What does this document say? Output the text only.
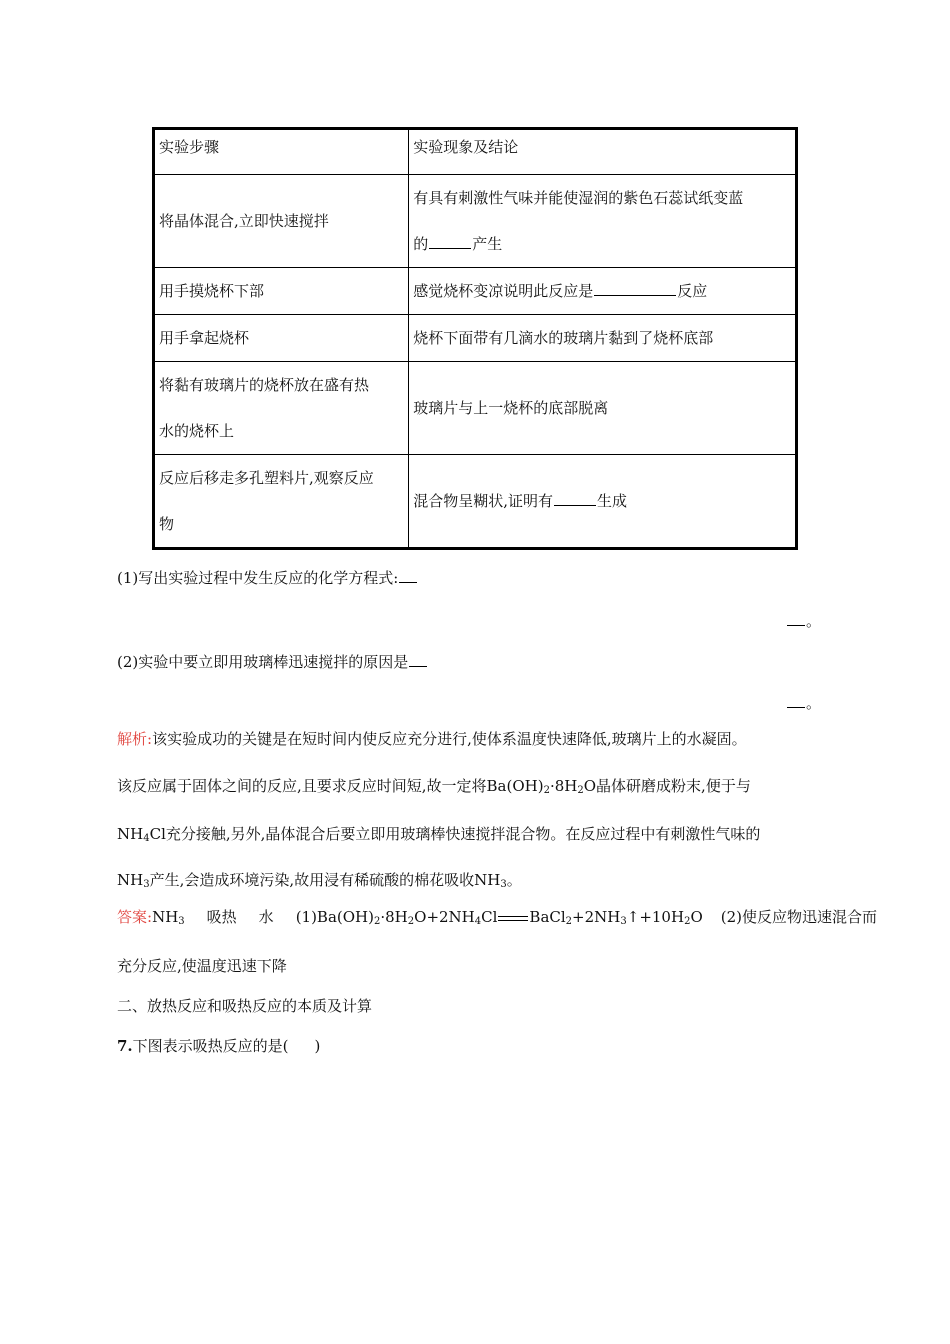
实验步骤	实验现象及结论
将晶体混合,立即快速搅拌	有具有刺激性气味并能使湿润的紫色石蕊试纸变蓝
的 产生

用手摸烧杯下部	感觉烧杯变凉说明此反应是 反应
用手拿起烧杯	烧杯下面带有几滴水的玻璃片黏到了烧杯底部

将黏有玻璃片的烧杯放在盛有热
水的烧杯上	玻璃片与上一烧杯的底部脱离

反应后移走多孔塑料片,观察反应
物	混合物呈糊状,证明有 生成
(1)写出实验过程中发生反应的化学方程式:
。
(2)实验中要立即用玻璃棒迅速搅拌的原因是
。
解析:该实验成功的关键是在短时间内使反应充分进行,使体系温度快速降低,玻璃片上的水凝固。
该反应属于固体之间的反应,且要求反应时间短,故一定将$Ba(OH)_2\cdot 8H_2O$晶体研磨成粉末,便于与
$NH_4Cl$充分接触,另外,晶体混合后要立即用玻璃棒快速搅拌混合物。在反应过程中有刺激性气味的
$NH_3$产生,会造成环境污染,故用浸有稀硫酸的棉花吸收$NH_3$。
答案$:NH_3$ 吸热 水 $(1)Ba(OH)_2\cdot 8H_2O+2NH_4Cl$ $BaCl_2+2NH_3↑+10H_2O$ (2)使反应物迅速混合而
充分反应,使温度迅速下降
二、放热反应和吸热反应的本质及计算
7.下图表示吸热反应的是( )
